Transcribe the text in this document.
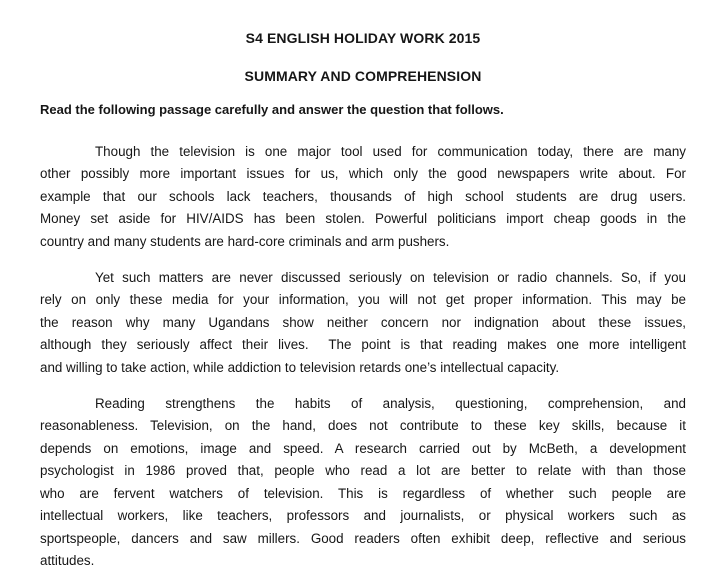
S4 ENGLISH HOLIDAY WORK 2015
SUMMARY AND COMPREHENSION
Read the following passage carefully and answer the question that follows.
Though the television is one major tool used for communication today, there are many
other possibly more important issues for us, which only the good newspapers write about. For
example that our schools lack teachers, thousands of high school students are drug users.
Money set aside for HIV/AIDS has been stolen. Powerful politicians import cheap goods in the
country and many students are hard-core criminals and arm pushers.
Yet such matters are never discussed seriously on television or radio channels. So, if you
rely on only these media for your information, you will not get proper information. This may be
the reason why many Ugandans show neither concern nor indignation about these issues,
although they seriously affect their lives.  The point is that reading makes one more intelligent
and willing to take action, while addiction to television retards one’s intellectual capacity.
Reading strengthens the habits of analysis, questioning, comprehension, and
reasonableness. Television, on the hand, does not contribute to these key skills, because it
depends on emotions, image and speed. A research carried out by McBeth, a development
psychologist in 1986 proved that, people who read a lot are better to relate with than those
who are fervent watchers of television. This is regardless of whether such people are
intellectual workers, like teachers, professors and journalists, or physical workers such as
sportspeople, dancers and saw millers. Good readers often exhibit deep, reflective and serious
attitudes.
